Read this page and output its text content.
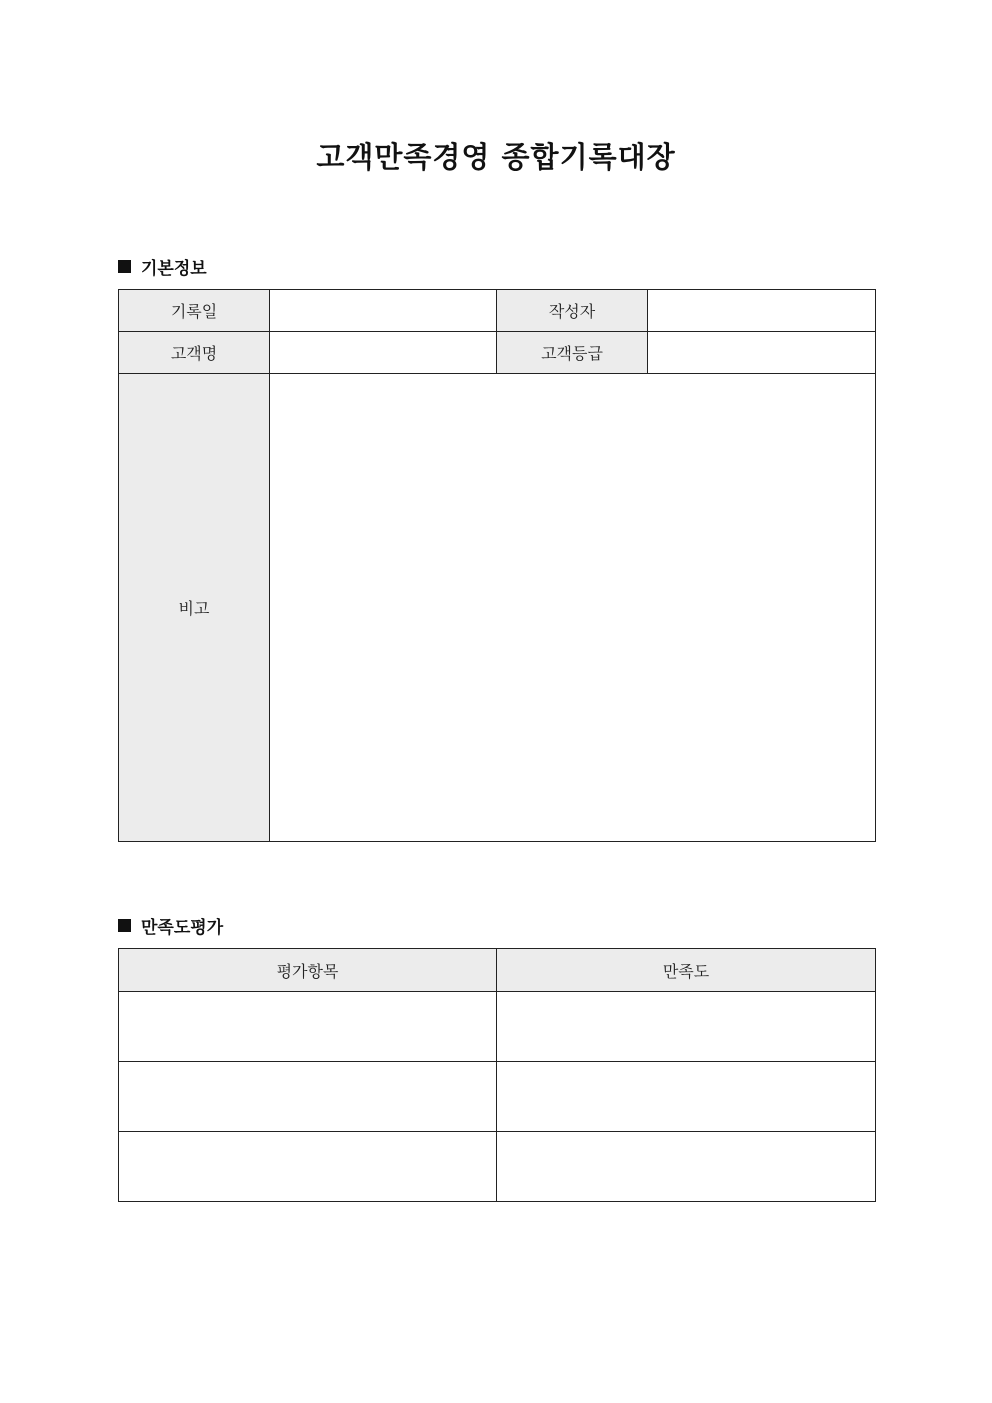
고객만족경영 종합기록대장
기본정보
기록일		작성자	
고객명		고객등급	
비고			
만족도평가
평가항목	만족도
